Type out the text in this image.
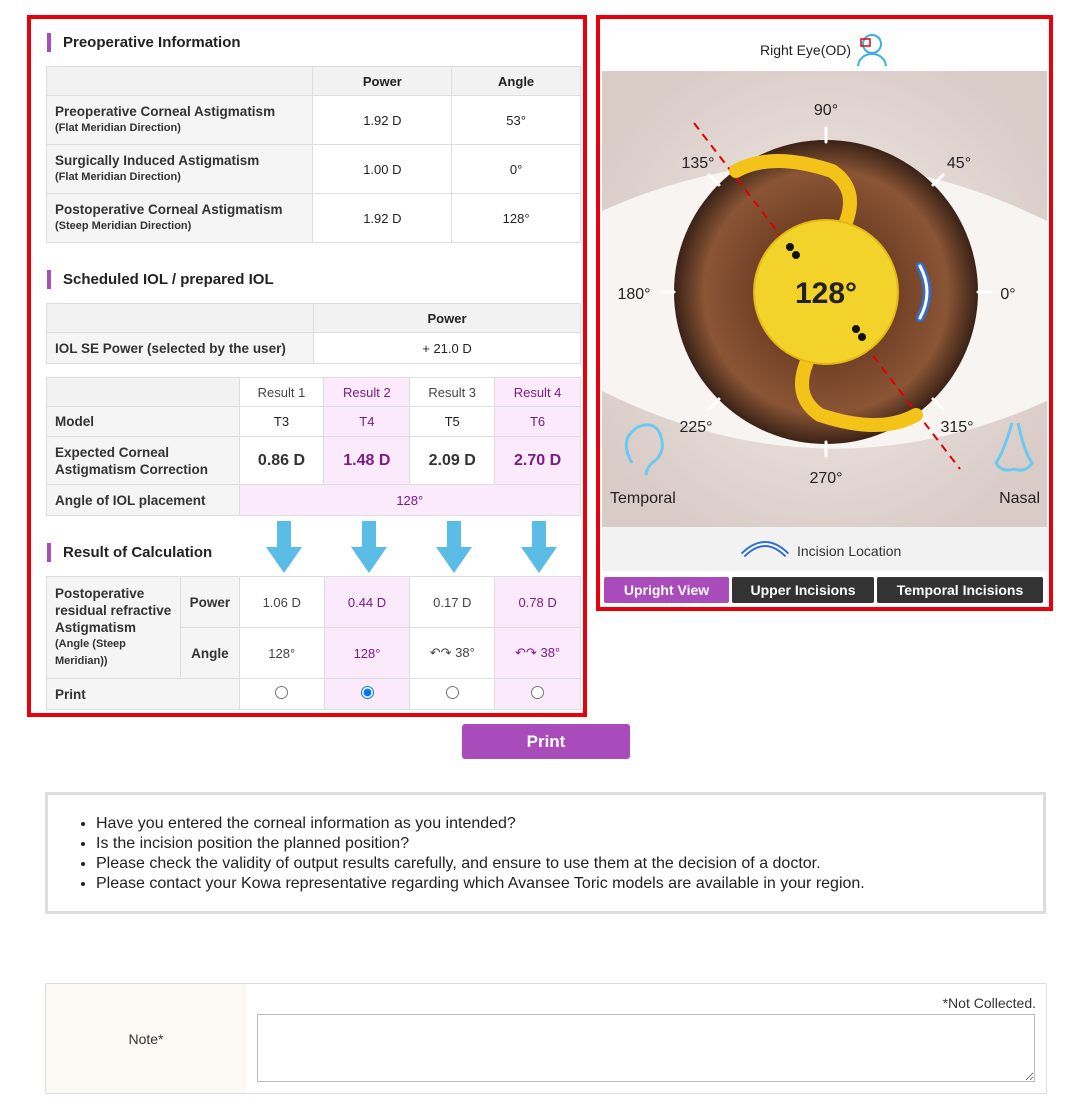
Preoperative Information
	Power	Angle
Preoperative Corneal Astigmatism
(Flat Meridian Direction)	1.92 D	53°
Surgically Induced Astigmatism
(Flat Meridian Direction)	1.00 D	0°
Postoperative Corneal Astigmatism
(Steep Meridian Direction)	1.92 D	128°
Scheduled IOL / prepared IOL
	Power
IOL SE Power (selected by the user)	+ 21.0 D
	Result 1	Result 2	Result 3	Result 4
Model	T3	T4	T5	T6
Expected Corneal Astigmatism Correction	0.86 D	1.48 D	2.09 D	2.70 D
Angle of IOL placement	128°			
Result of Calculation
Postoperative residual refractive Astigmatism
(Angle (Steep Meridian))	Power	1.06 D	0.44 D	0.17 D	0.78 D
	Angle	128°	128°	↶↷ 38°	↶↷ 38°
Print				
Right Eye(OD)
128°
90°
45°
135°
180°	0°
225°	315°
270°
Temporal	Nasal
Incision Location
Upright View	Upper Incisions	Temporal Incisions
Print
• Have you entered the corneal information as you intended?
• Is the incision position the planned position?
• Please check the validity of output results carefully, and ensure to use them at the decision of a doctor.
• Please contact your Kowa representative regarding which Avansee Toric models are available in your region.
Note*
*Not Collected.
